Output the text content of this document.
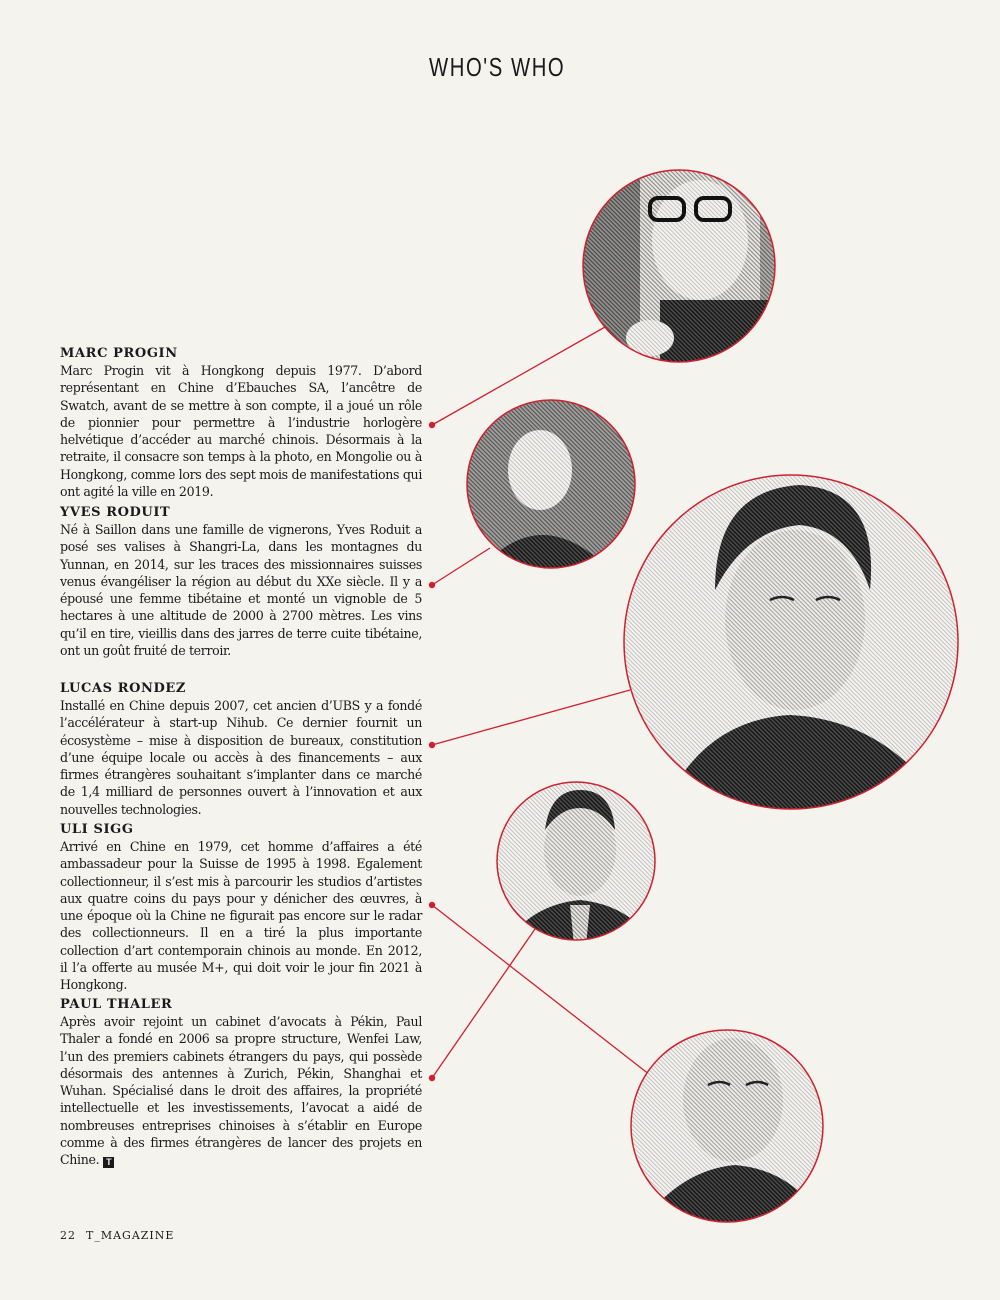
WHO'S WHO
MARC PROGIN

Marc Progin vit à Hongkong depuis 1977. D’abord représentant en Chine d’Ebauches SA, l’ancêtre de Swatch, avant de se mettre à son compte, il a joué un rôle de pionnier pour permettre à l’industrie horlogère helvétique d’accéder au marché chinois. Désormais à la retraite, il consacre son temps à la photo, en Mongolie ou à Hongkong, comme lors des sept mois de manifestations qui ont agité la ville en 2019.

YVES RODUIT

Né à Saillon dans une famille de vignerons, Yves Roduit a posé ses valises à Shangri-La, dans les montagnes du Yunnan, en 2014, sur les traces des missionnaires suisses venus évangéliser la région au début du XXe siècle. Il y a épousé une femme tibétaine et monté un vignoble de 5 hectares à une altitude de 2000 à 2700 mètres. Les vins qu’il en tire, vieillis dans des jarres de terre cuite tibétaine, ont un goût fruité de terroir.

LUCAS RONDEZ

Installé en Chine depuis 2007, cet ancien d’UBS y a fondé l’accélérateur à start-up Nihub. Ce dernier fournit un écosystème – mise à disposition de bureaux, constitution d’une équipe locale ou accès à des financements – aux firmes étrangères souhaitant s’implanter dans ce marché de 1,4 milliard de personnes ouvert à l’innovation et aux nouvelles technologies.

ULI SIGG

Arrivé en Chine en 1979, cet homme d’affaires a été ambassadeur pour la Suisse de 1995 à 1998. Egalement collectionneur, il s’est mis à parcourir les studios d’artistes aux quatre coins du pays pour y dénicher des œuvres, à une époque où la Chine ne figurait pas encore sur le radar des collectionneurs. Il en a tiré la plus importante collection d’art contemporain chinois au monde. En 2012, il l’a offerte au musée M+, qui doit voir le jour fin 2021 à Hongkong.

PAUL THALER

Après avoir rejoint un cabinet d’avocats à Pékin, Paul Thaler a fondé en 2006 sa propre structure, Wenfei Law, l’un des premiers cabinets étrangers du pays, qui possède désormais des antennes à Zurich, Pékin, Shanghai et Wuhan. Spécialisé dans le droit des affaires, la propriété intellectuelle et les investissements, l’avocat a aidé de nombreuses entreprises chinoises à s’établir en Europe comme à des firmes étrangères de lancer des projets en Chine. T

22 T_MAGAZINE
